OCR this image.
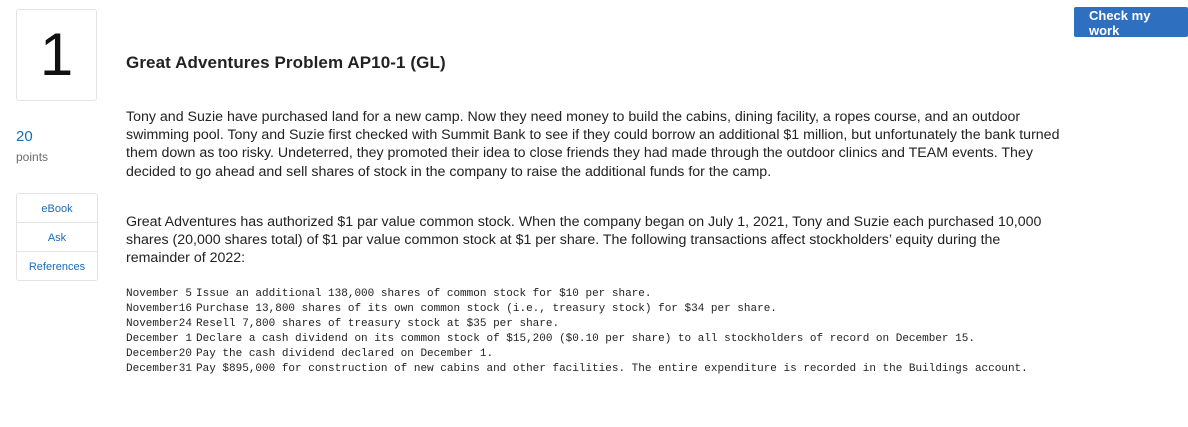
1
20
points
eBook
Ask
References
Great Adventures Problem AP10-1 (GL)
Check my work
Tony and Suzie have purchased land for a new camp. Now they need money to build the cabins, dining facility, a ropes course, and an outdoor swimming pool. Tony and Suzie first checked with Summit Bank to see if they could borrow an additional $1 million, but unfortunately the bank turned them down as too risky. Undeterred, they promoted their idea to close friends they had made through the outdoor clinics and TEAM events. They decided to go ahead and sell shares of stock in the company to raise the additional funds for the camp.
Great Adventures has authorized $1 par value common stock. When the company began on July 1, 2021, Tony and Suzie each purchased 10,000 shares (20,000 shares total) of $1 par value common stock at $1 per share. The following transactions affect stockholders’ equity during the remainder of 2022:
November 5	Issue an additional 138,000 shares of common stock for $10 per share.
November16	Purchase 13,800 shares of its own common stock (i.e., treasury stock) for $34 per share.
November24	Resell 7,800 shares of treasury stock at $35 per share.
December 1	Declare a cash dividend on its common stock of $15,200 ($0.10 per share) to all stockholders of record on December 15.
December20	Pay the cash dividend declared on December 1.
December31	Pay $895,000 for construction of new cabins and other facilities. The entire expenditure is recorded in the Buildings account.
